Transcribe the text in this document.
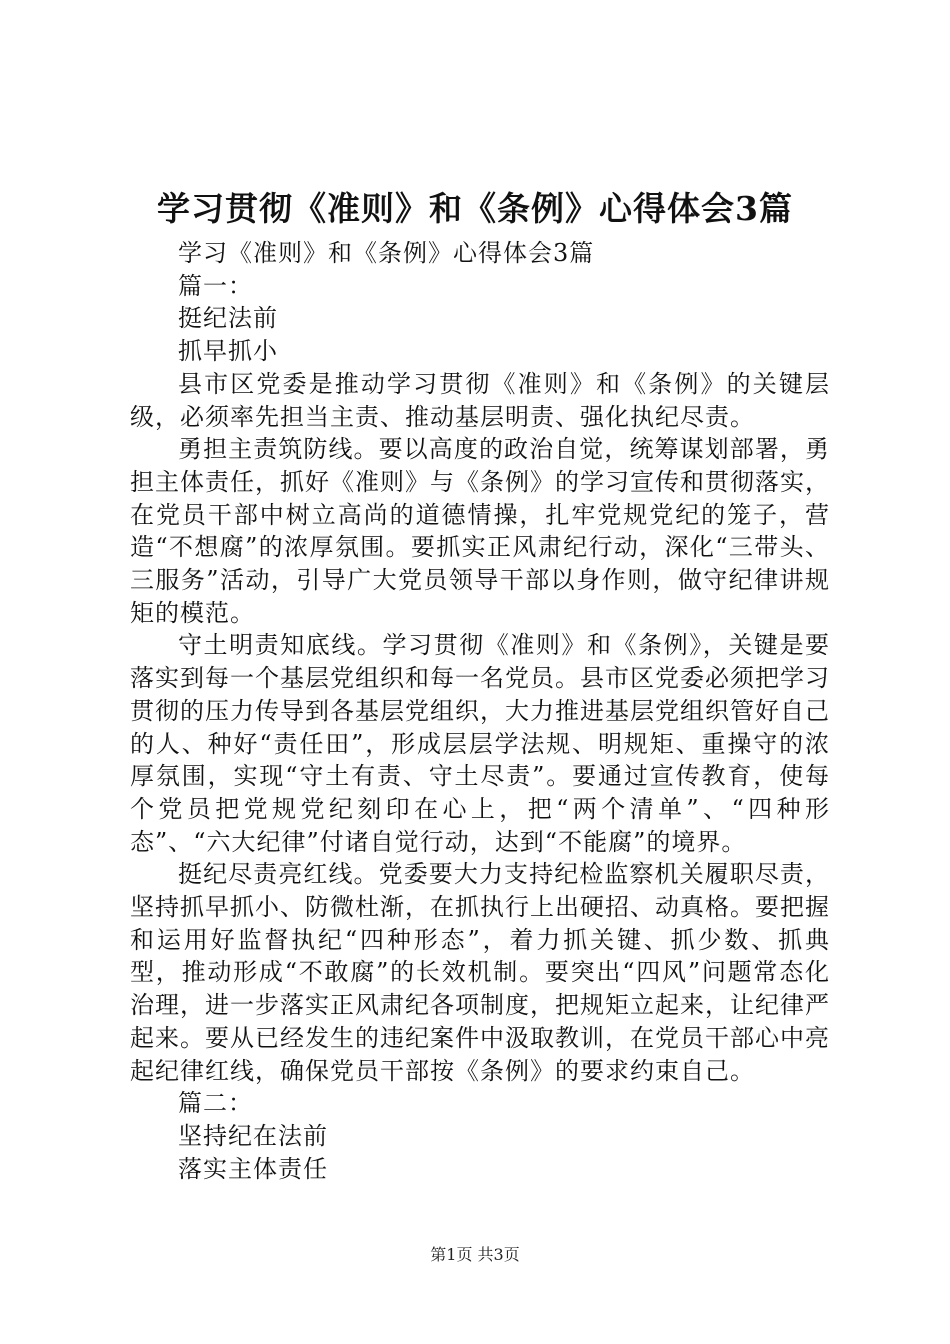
学习贯彻《准则》和《条例》心得体会3篇

学习《准则》和《条例》心得体会3篇

篇一：

挺纪法前

抓早抓小

县市区党委是推动学习贯彻《准则》和《条例》的关键层级，必须率先担当主责、推动基层明责、强化执纪尽责。

勇担主责筑防线。要以高度的政治自觉，统筹谋划部署，勇担主体责任，抓好《准则》与《条例》的学习宣传和贯彻落实，在党员干部中树立高尚的道德情操，扎牢党规党纪的笼子，营造“不想腐”的浓厚氛围。要抓实正风肃纪行动，深化“三带头、三服务”活动，引导广大党员领导干部以身作则，做守纪律讲规矩的模范。

守土明责知底线。学习贯彻《准则》和《条例》，关键是要落实到每一个基层党组织和每一名党员。县市区党委必须把学习贯彻的压力传导到各基层党组织，大力推进基层党组织管好自己的人、种好“责任田”，形成层层学法规、明规矩、重操守的浓厚氛围，实现“守土有责、守土尽责”。要通过宣传教育，使每个党员把党规党纪刻印在心上，把“两个清单”、“四种形态”、“六大纪律”付诸自觉行动，达到“不能腐”的境界。

挺纪尽责亮红线。党委要大力支持纪检监察机关履职尽责，坚持抓早抓小、防微杜渐，在抓执行上出硬招、动真格。要把握和运用好监督执纪“四种形态”，着力抓关键、抓少数、抓典型，推动形成“不敢腐”的长效机制。要突出“四风”问题常态化治理，进一步落实正风肃纪各项制度，把规矩立起来，让纪律严起来。要从已经发生的违纪案件中汲取教训，在党员干部心中亮起纪律红线，确保党员干部按《条例》的要求约束自己。

篇二：

坚持纪在法前

落实主体责任

第1页 共3页
